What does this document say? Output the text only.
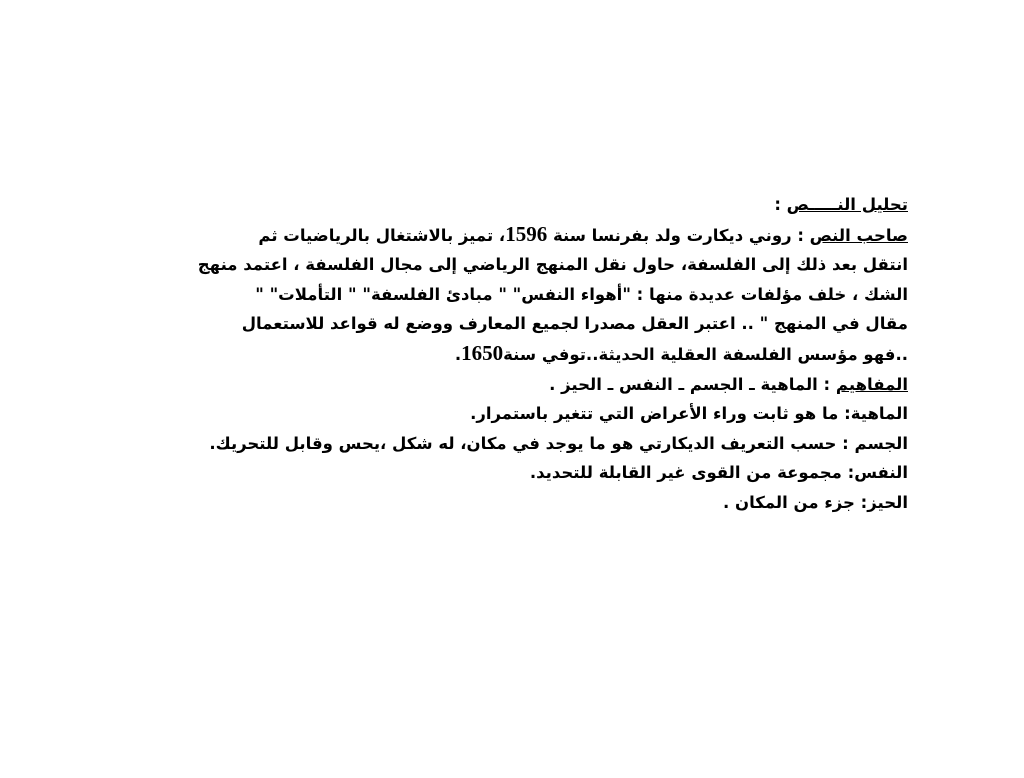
تحليل النـــــص :
صاحب النص : روني ديكارت ولد بفرنسا سنة 1596، تميز بالاشتغال بالرياضيات ثم
انتقل بعد ذلك إلى الفلسفة، حاول نقل المنهج الرياضي إلى مجال الفلسفة ، اعتمد منهج
الشك ، خلف مؤلفات عديدة منها : "أهواء النفس" " مبادئ الفلسفة" " التأملات" "
مقال في المنهج " .. اعتبر العقل مصدرا لجميع المعارف ووضع له قواعد للاستعمال
..فهو مؤسس الفلسفة العقلية الحديثة..توفي سنة1650.
المفاهيم : الماهية ـ الجسم ـ النفس ـ الحيز .
الماهية: ما هو ثابت وراء الأعراض التي تتغير باستمرار.
الجسم : حسب التعريف الديكارتي هو ما يوجد في مكان، له شكل ،يحس وقابل للتحريك.
النفس: مجموعة من القوى غير القابلة للتحديد.
الحيز: جزء من المكان .
